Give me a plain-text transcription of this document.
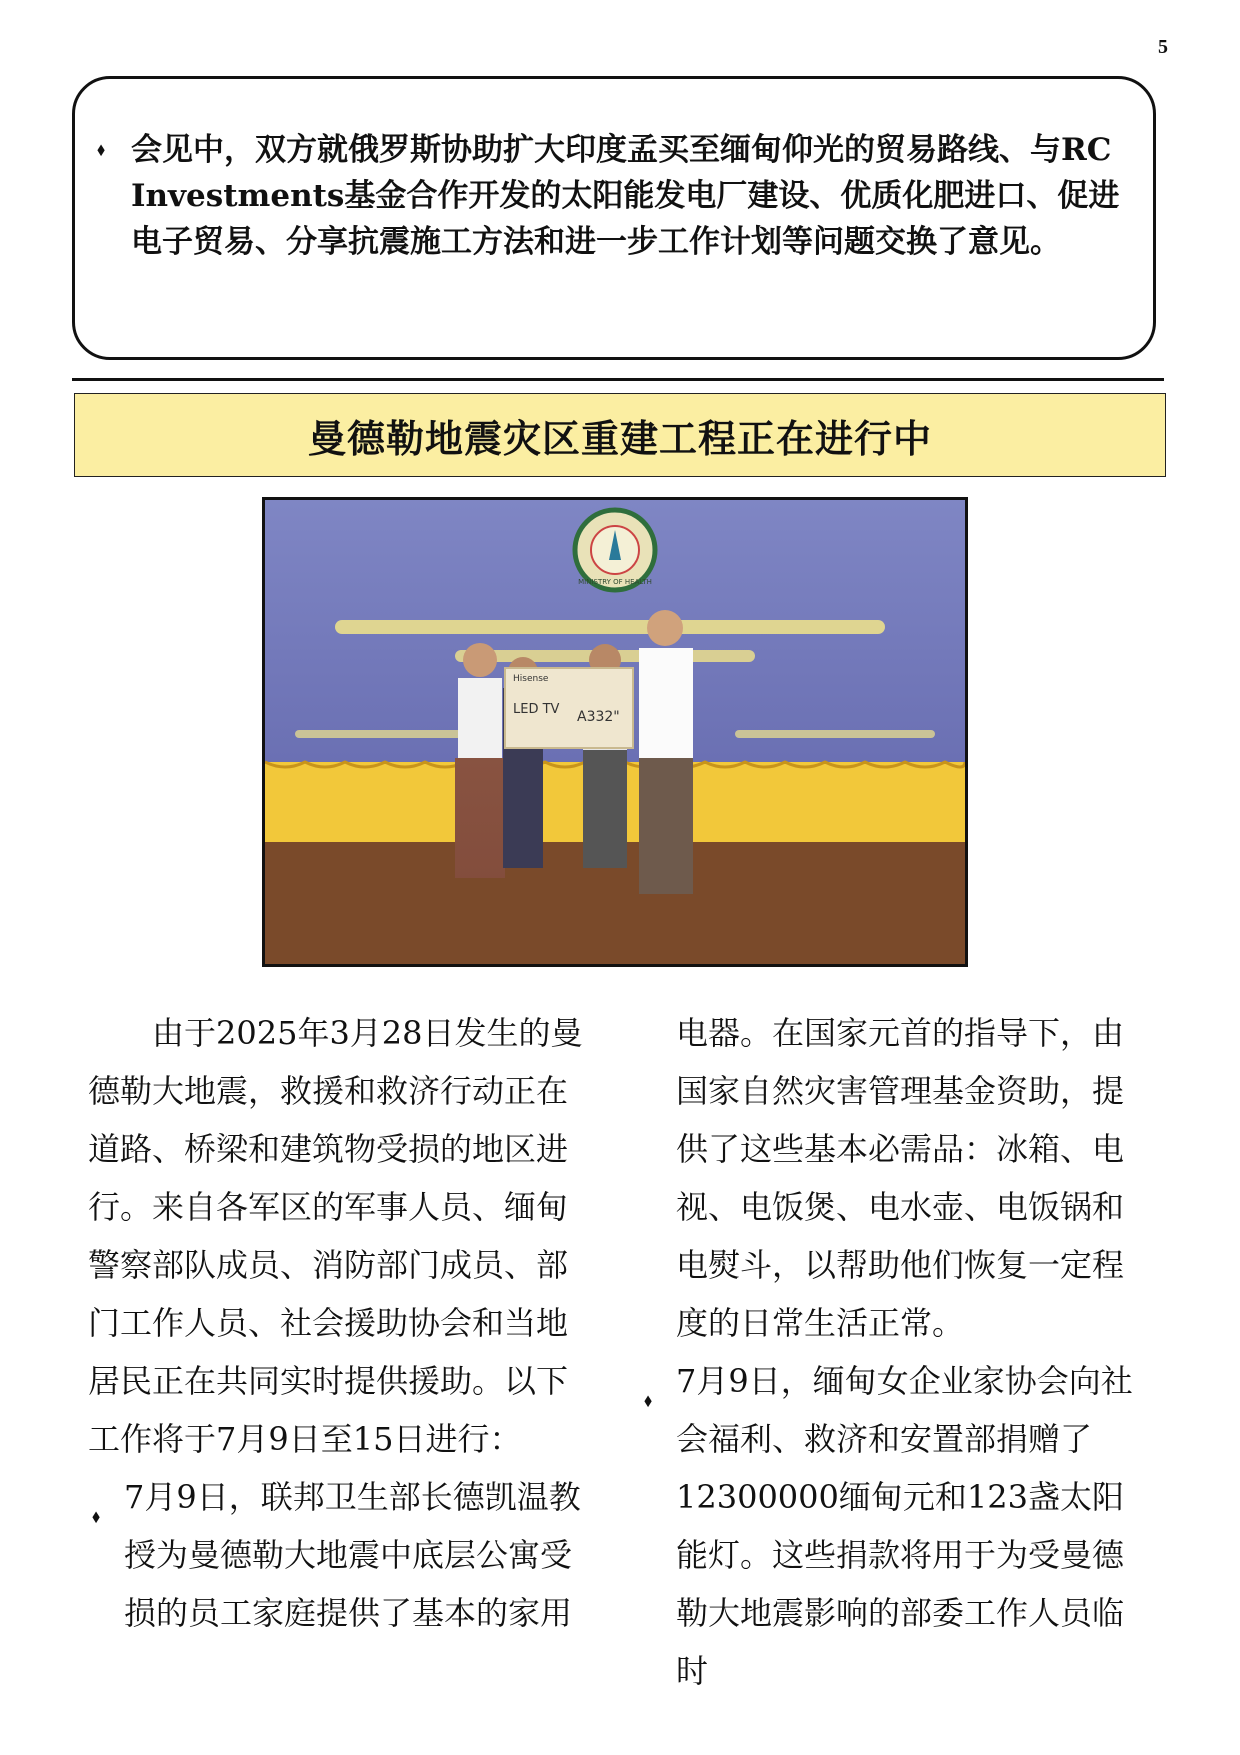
5
⬧ 会见中，双方就俄罗斯协助扩大印度孟买至缅甸仰光的贸易路线、与RC　Investments基金合作开发的太阳能发电厂建设、优质化肥进口、促进电子贸易、分享抗震施工方法和进一步工作计划等问题交换了意见。

曼德勒地震灾区重建工程正在进行中
MINISTRY OF HEALTH
Hisense
LED TV A332"

由于2025年3月28日发生的曼德勒大地震，救援和救济行动正在道路、桥梁和建筑物受损的地区进行。来自各军区的军事人员、缅甸警察部队成员、消防部门成员、部门工作人员、社会援助协会和当地居民正在共同实时提供援助。以下工作将于7月9日至15日进行：

⬧
7月9日，联邦卫生部长德凯温教授为曼德勒大地震中底层公寓受损的员工家庭提供了基本的家用

电器。在国家元首的指导下，由国家自然灾害管理基金资助，提供了这些基本必需品：冰箱、电视、电饭煲、电水壶、电饭锅和电熨斗，以帮助他们恢复一定程度的日常生活正常。

⬧
7月9日，缅甸女企业家协会向社会福利、救济和安置部捐赠了12300000缅甸元和123盏太阳能灯。这些捐款将用于为受曼德勒大地震影响的部委工作人员临时
